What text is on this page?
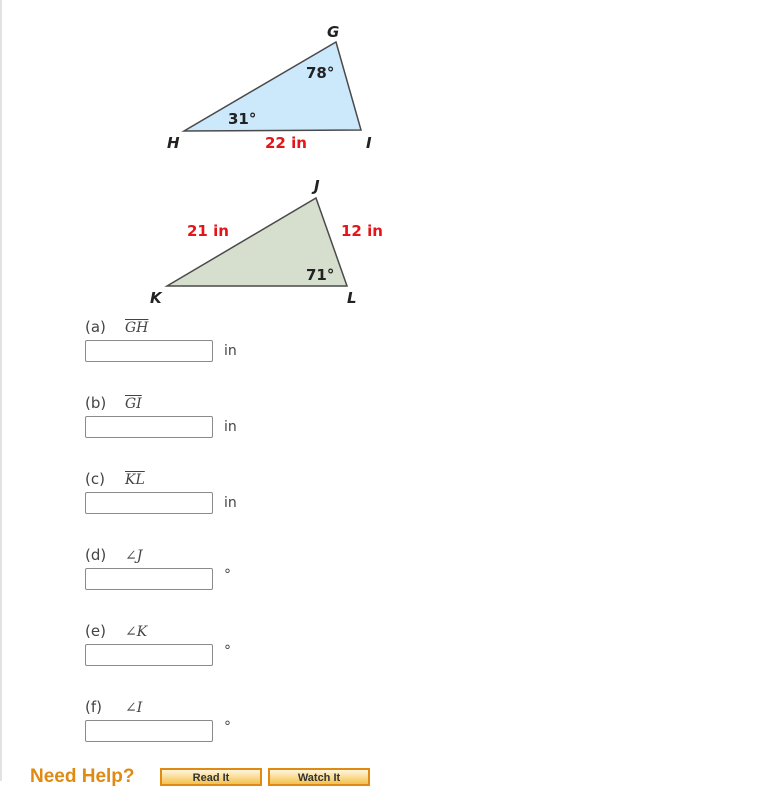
G
H	I
78°
31°
22 in
J
K	L
71°
21 in	12 in
(a) $\overline{GH}$
in
(b) $\overline{GI}$
in
(c) $\overline{KL}$
in
(d) ∠J
°
(e) ∠K
°
(f) ∠I
°
Need Help?	Read It	Watch It
